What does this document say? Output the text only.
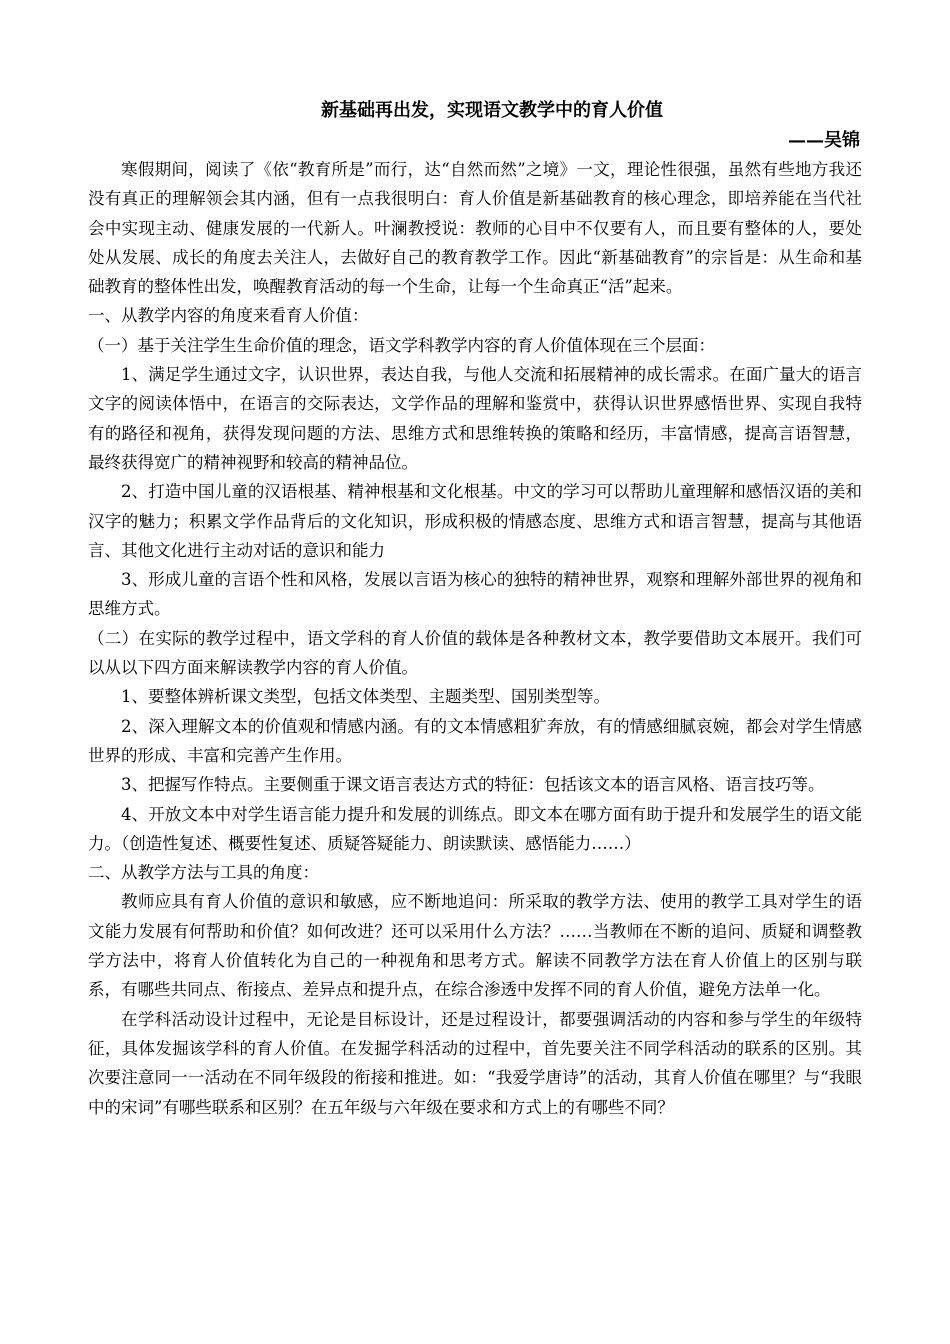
新基础再出发，实现语文教学中的育人价值
——吴锦

寒假期间，阅读了《依“教育所是”而行，达“自然而然”之境》一文，理论性很强，虽然有些地方我还没有真正的理解领会其内涵，但有一点我很明白：育人价值是新基础教育的核心理念，即培养能在当代社会中实现主动、健康发展的一代新人。叶澜教授说：教师的心目中不仅要有人，而且要有整体的人，要处处从发展、成长的角度去关注人，去做好自己的教育教学工作。因此“新基础教育”的宗旨是：从生命和基础教育的整体性出发，唤醒教育活动的每一个生命，让每一个生命真正“活”起来。

一、从教学内容的角度来看育人价值：

（一）基于关注学生生命价值的理念，语文学科教学内容的育人价值体现在三个层面：

1、满足学生通过文字，认识世界，表达自我，与他人交流和拓展精神的成长需求。在面广量大的语言文字的阅读体悟中，在语言的交际表达，文学作品的理解和鉴赏中，获得认识世界感悟世界、实现自我特有的路径和视角，获得发现问题的方法、思维方式和思维转换的策略和经历，丰富情感，提高言语智慧，最终获得宽广的精神视野和较高的精神品位。

2、打造中国儿童的汉语根基、精神根基和文化根基。中文的学习可以帮助儿童理解和感悟汉语的美和汉字的魅力；积累文学作品背后的文化知识，形成积极的情感态度、思维方式和语言智慧，提高与其他语言、其他文化进行主动对话的意识和能力

3、形成儿童的言语个性和风格，发展以言语为核心的独特的精神世界，观察和理解外部世界的视角和思维方式。

（二）在实际的教学过程中，语文学科的育人价值的载体是各种教材文本，教学要借助文本展开。我们可以从以下四方面来解读教学内容的育人价值。

1、要整体辨析课文类型，包括文体类型、主题类型、国别类型等。

2、深入理解文本的价值观和情感内涵。有的文本情感粗犷奔放，有的情感细腻哀婉，都会对学生情感世界的形成、丰富和完善产生作用。

3、把握写作特点。主要侧重于课文语言表达方式的特征：包括该文本的语言风格、语言技巧等。

4、开放文本中对学生语言能力提升和发展的训练点。即文本在哪方面有助于提升和发展学生的语文能力。（创造性复述、概要性复述、质疑答疑能力、朗读默读、感悟能力……）

二、从教学方法与工具的角度：

教师应具有育人价值的意识和敏感，应不断地追问：所采取的教学方法、使用的教学工具对学生的语文能力发展有何帮助和价值？如何改进？还可以采用什么方法？……当教师在不断的追问、质疑和调整教学方法中，将育人价值转化为自己的一种视角和思考方式。解读不同教学方法在育人价值上的区别与联系，有哪些共同点、衔接点、差异点和提升点，在综合渗透中发挥不同的育人价值，避免方法单一化。

在学科活动设计过程中，无论是目标设计，还是过程设计，都要强调活动的内容和参与学生的年级特征，具体发掘该学科的育人价值。在发掘学科活动的过程中，首先要关注不同学科活动的联系的区别。其次要注意同一一活动在不同年级段的衔接和推进。如：“我爱学唐诗”的活动，其育人价值在哪里？与“我眼中的宋词”有哪些联系和区别？在五年级与六年级在要求和方式上的有哪些不同？
